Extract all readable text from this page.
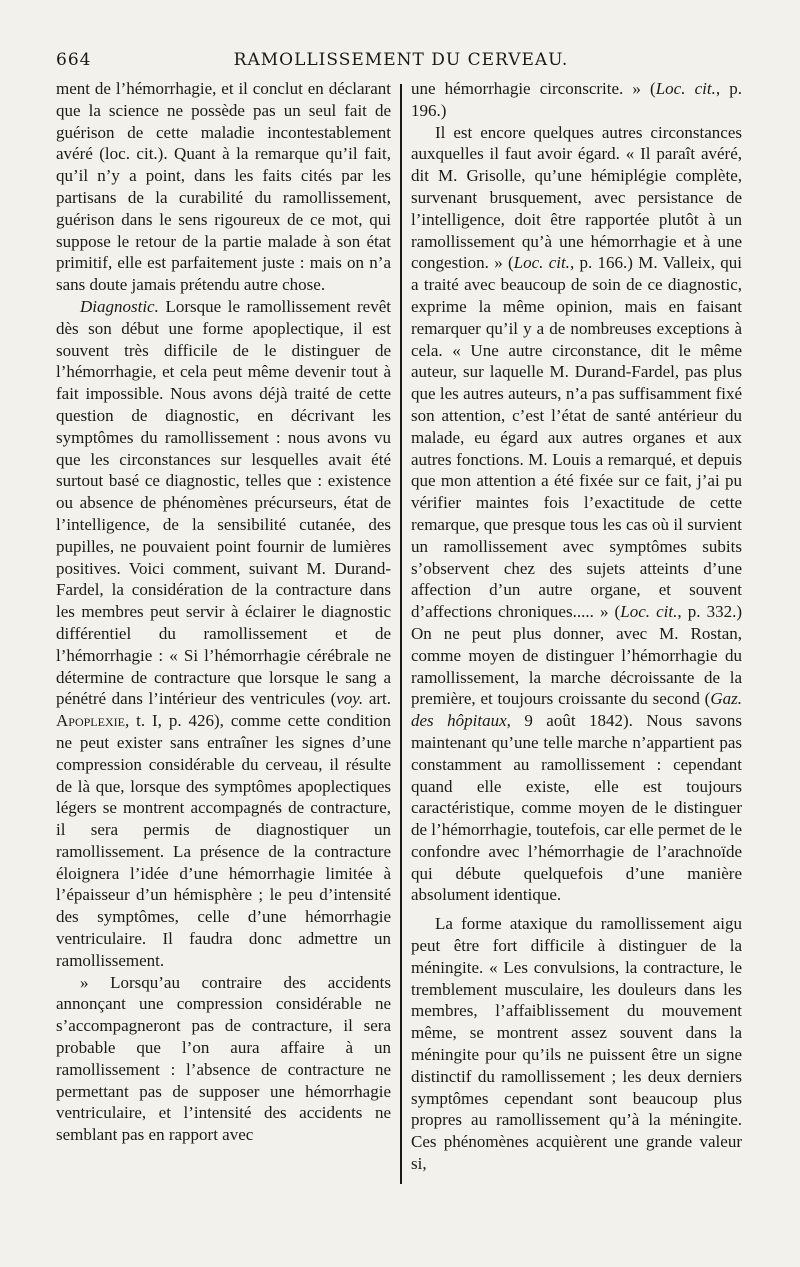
664	RAMOLLISSEMENT DU CERVEAU.

ment de l’hémorrhagie, et il conclut en déclarant que la science ne possède pas un seul fait de guérison de cette maladie incontestablement avéré (loc. cit.). Quant à la remarque qu’il fait, qu’il n’y a point, dans les faits cités par les partisans de la curabilité du ramollissement, guérison dans le sens rigoureux de ce mot, qui suppose le retour de la partie malade à son état primitif, elle est parfaitement juste : mais on n’a sans doute jamais prétendu autre chose.

Diagnostic. Lorsque le ramollissement revêt dès son début une forme apoplectique, il est souvent très difficile de le distinguer de l’hémorrhagie, et cela peut même devenir tout à fait impossible. Nous avons déjà traité de cette question de diagnostic, en décrivant les symptômes du ramollissement : nous avons vu que les circonstances sur lesquelles avait été surtout basé ce diagnostic, telles que : existence ou absence de phénomènes précurseurs, état de l’intelligence, de la sensibilité cutanée, des pupilles, ne pouvaient point fournir de lumières positives. Voici comment, suivant M. Durand-Fardel, la considération de la contracture dans les membres peut servir à éclairer le diagnostic différentiel du ramollissement et de l’hémorrhagie : « Si l’hémorrhagie cérébrale ne détermine de contracture que lorsque le sang a pénétré dans l’intérieur des ventricules (voy. art. Apoplexie, t. I, p. 426), comme cette condition ne peut exister sans entraîner les signes d’une compression considérable du cerveau, il résulte de là que, lorsque des symptômes apoplectiques légers se montrent accompagnés de contracture, il sera permis de diagnostiquer un ramollissement. La présence de la contracture éloignera l’idée d’une hémorrhagie limitée à l’épaisseur d’un hémisphère ; le peu d’intensité des symptômes, celle d’une hémorrhagie ventriculaire. Il faudra donc admettre un ramollissement.

» Lorsqu’au contraire des accidents annonçant une compression considérable ne s’accompagneront pas de contracture, il sera probable que l’on aura affaire à un ramollissement : l’absence de contracture ne permettant pas de supposer une hémorrhagie ventriculaire, et l’intensité des accidents ne semblant pas en rapport avec

une hémorrhagie circonscrite. » (Loc. cit., p. 196.)

Il est encore quelques autres circonstances auxquelles il faut avoir égard. « Il paraît avéré, dit M. Grisolle, qu’une hémiplégie complète, survenant brusquement, avec persistance de l’intelligence, doit être rapportée plutôt à un ramollissement qu’à une hémorrhagie et à une congestion. » (Loc. cit., p. 166.) M. Valleix, qui a traité avec beaucoup de soin de ce diagnostic, exprime la même opinion, mais en faisant remarquer qu’il y a de nombreuses exceptions à cela. « Une autre circonstance, dit le même auteur, sur laquelle M. Durand-Fardel, pas plus que les autres auteurs, n’a pas suffisamment fixé son attention, c’est l’état de santé antérieur du malade, eu égard aux autres organes et aux autres fonctions. M. Louis a remarqué, et depuis que mon attention a été fixée sur ce fait, j’ai pu vérifier maintes fois l’exactitude de cette remarque, que presque tous les cas où il survient un ramollissement avec symptômes subits s’observent chez des sujets atteints d’une affection d’un autre organe, et souvent d’affections chroniques..... » (Loc. cit., p. 332.) On ne peut plus donner, avec M. Rostan, comme moyen de distinguer l’hémorrhagie du ramollissement, la marche décroissante de la première, et toujours croissante du second (Gaz. des hôpitaux, 9 août 1842). Nous savons maintenant qu’une telle marche n’appartient pas constamment au ramollissement : cependant quand elle existe, elle est toujours caractéristique, comme moyen de le distinguer de l’hémorrhagie, toutefois, car elle permet de le confondre avec l’hémorrhagie de l’arachnoïde qui débute quelquefois d’une manière absolument identique.

La forme ataxique du ramollissement aigu peut être fort difficile à distinguer de la méningite. « Les convulsions, la contracture, le tremblement musculaire, les douleurs dans les membres, l’affaiblissement du mouvement même, se montrent assez souvent dans la méningite pour qu’ils ne puissent être un signe distinctif du ramollissement ; les deux derniers symptômes cependant sont beaucoup plus propres au ramollissement qu’à la méningite. Ces phénomènes acquièrent une grande valeur si,
